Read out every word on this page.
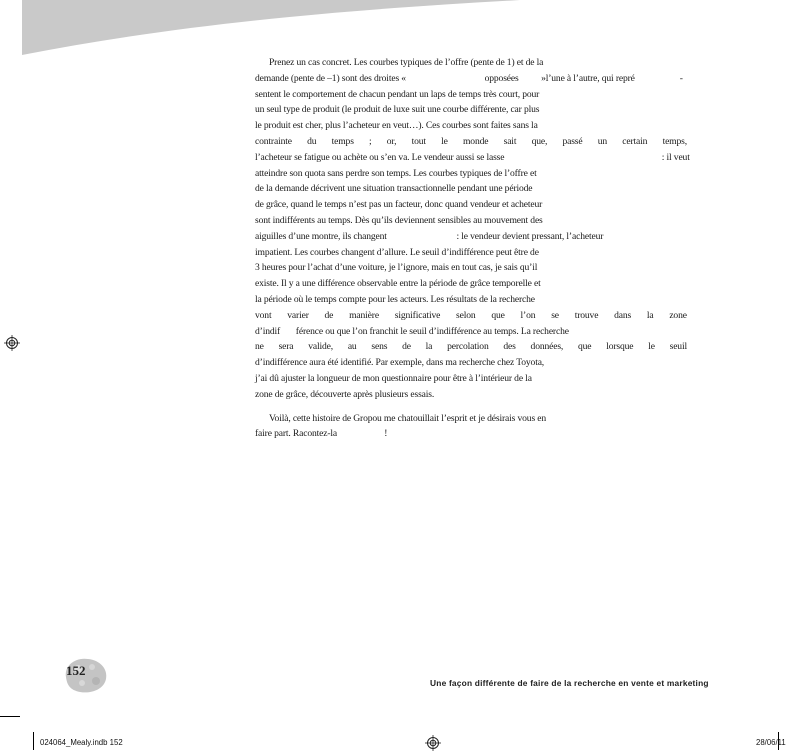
Prenez un cas concret. Les courbes typiques de l’offre (pente de 1) et de la
demande (pente de –1) sont des droites «                                   opposées          »l’une à l’autre, qui repré                    -
sentent le comportement de chacun pendant un laps de temps très court, pour
un seul type de produit (le produit de luxe suit une courbe différente, car plus
le produit est cher, plus l’acheteur en veut…). Ces courbes sont faites sans la
contrainte du temps ; or, tout le monde sait que, passé un certain temps,
l’acheteur se fatigue ou achète ou s’en va. Le vendeur aussi se lasse                                                                      : il veut
atteindre son quota sans perdre son temps. Les courbes typiques de l’offre et
de la demande décrivent une situation transactionnelle pendant une période
de grâce, quand le temps n’est pas un facteur, donc quand vendeur et acheteur
sont indifférents au temps. Dès qu’ils deviennent sensibles au mouvement des
aiguilles d’une montre, ils changent                               : le vendeur devient pressant, l’acheteur
impatient. Les courbes changent d’allure. Le seuil d’indifférence peut être de
3 heures pour l’achat d’une voiture, je l’ignore, mais en tout cas, je sais qu’il
existe. Il y a une différence observable entre la période de grâce temporelle et
la période où le temps compte pour les acteurs. Les résultats de la recherche
vont varier de manière significative selon que l’on se trouve dans la zone
d’indif       férence ou que l’on franchit le seuil d’indifférence au temps. La recherche
ne sera valide, au sens de la percolation des données, que lorsque le seuil
d’indifférence aura été identifié. Par exemple, dans ma recherche chez Toyota,
j’ai dû ajuster la longueur de mon questionnaire pour être à l’intérieur de la
zone de grâce, découverte après plusieurs essais.
Voilà, cette histoire de Gropou me chatouillait l’esprit et je désirais vous en
faire part. Racontez-la                     !
152
Une façon différente de faire de la recherche en vente et marketing
024064_Mealy.indb 152	28/06/11
